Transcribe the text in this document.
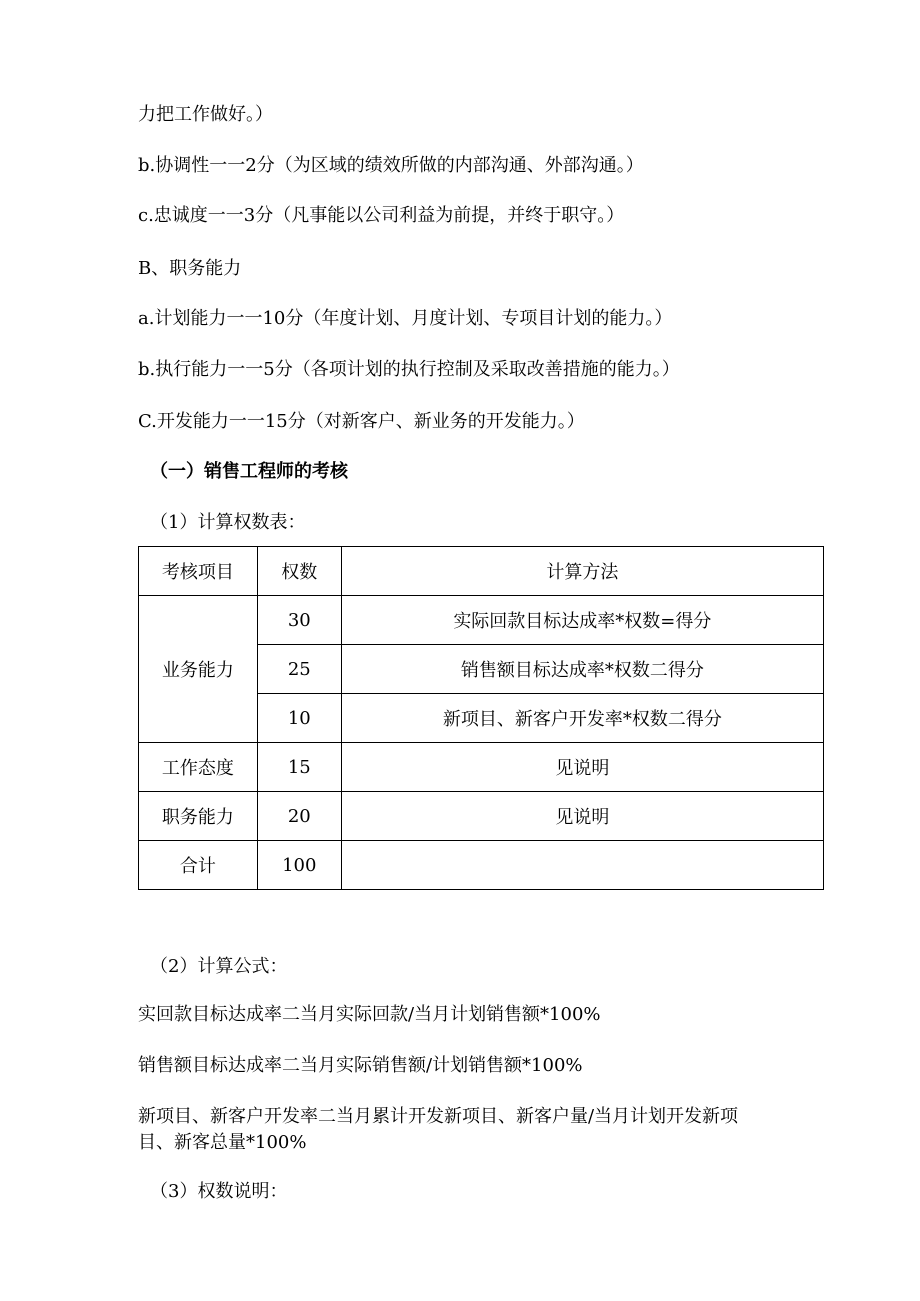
力把工作做好。）
b.协调性一一2分（为区域的绩效所做的内部沟通、外部沟通。）
c.忠诚度一一3分（凡事能以公司利益为前提，并终于职守。）
B、职务能力
a.计划能力一一10分（年度计划、月度计划、专项目计划的能力。）
b.执行能力一一5分（各项计划的执行控制及采取改善措施的能力。）
C.开发能力一一15分（对新客户、新业务的开发能力。）
（一）销售工程师的考核
（1）计算权数表：
考核项目	权数	计算方法
业务能力	30	实际回款目标达成率*权数=得分
	25	销售额目标达成率*权数二得分
	10	新项目、新客户开发率*权数二得分
工作态度	15	见说明
职务能力	20	见说明
合计	100	
（2）计算公式：
实回款目标达成率二当月实际回款/当月计划销售额*100%
销售额目标达成率二当月实际销售额/计划销售额*100%
新项目、新客户开发率二当月累计开发新项目、新客户量/当月计划开发新项
目、新客总量*100%
（3）权数说明：
